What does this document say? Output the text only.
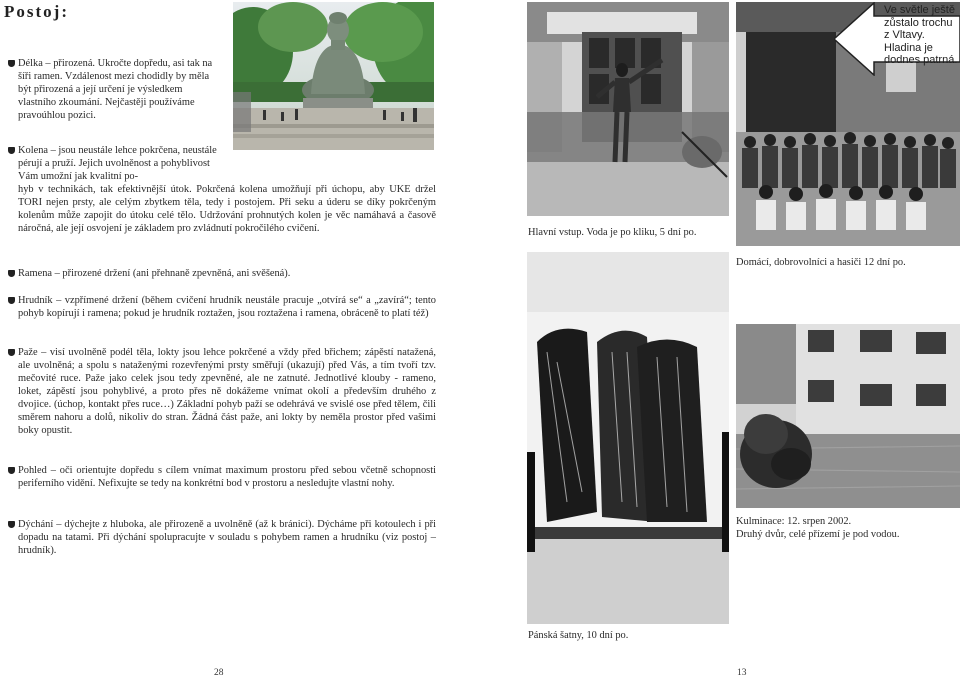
Postoj:
Délka – přirozená. Ukročte dopředu, asi tak na šíři ramen. Vzdálenost mezi chodidly by měla být přirozená a její určení je výsledkem vlastního zkoumání. Nejčastěji používáme pravoúhlou pozici.
Kolena – jsou neustále lehce pokrčena, neustále pérují a pruží. Jejich uvolněnost a pohyblivost Vám umožní jak kvalitní po-
hyb v technikách, tak efektivnější útok. Pokrčená kolena umožňují při úchopu, aby UKE držel TORI nejen prsty, ale celým zbytkem těla, tedy i postojem. Při seku a úderu se díky pokrčeným kolenům může zapojit do útoku celé tělo. Udržování prohnutých kolen je věc namáhavá a časově náročná, ale její osvojení je základem pro zvládnutí pokročilého cvičení.
Ramena – přirozené držení (ani přehnaně zpevněná, ani svěšená).
Hrudník – vzpřímené držení (během cvičení hrudník neustále pracuje „otvírá se“ a „zavírá“; tento pohyb kopírují i ramena; pokud je hrudník roztažen, jsou roztažena i ramena, obráceně to platí též)
Paže – visí uvolněně podél těla, lokty jsou lehce pokrčené a vždy před břichem; zápěstí natažená, ale uvolněná; a spolu s nataženými rozevřenými prsty směřují (ukazují) před Vás, a tím tvoří tzv. mečovité ruce. Paže jako celek jsou tedy zpevněné, ale ne zatnuté. Jednotlivé klouby - rameno, loket, zápěstí jsou pohyblivé, a proto přes ně dokážeme vnímat okolí a především druhého z dvojice. (úchop, kontakt přes ruce…) Základní pohyb paží se odehrává ve svislé ose před tělem, čili směrem nahoru a dolů, nikoliv do stran. Žádná část paže, ani lokty by neměla prostor před vašimi boky opustit.
Pohled – oči orientujte dopředu s cílem vnímat maximum prostoru před sebou včetně schopnosti periferního vidění. Nefixujte se tedy na konkrétní bod v prostoru a nesledujte vlastní nohy.
Dýchání – dýchejte z hluboka, ale přirozeně a uvolněně (až k bránici). Dýcháme při kotoulech i při dopadu na tatami. Při dýchání spolupracujte v souladu s pohybem ramen a hrudníku (viz postoj – hrudník).
28
Hlavní vstup. Voda je po kliku, 5 dní po.
Ve světle ještě zůstalo trochu z Vltavy. Hladina je dodnes patrná.
Domácí, dobrovolníci a hasiči 12 dní po.
Pánská šatny, 10 dní po.
Kulminace: 12. srpen 2002.
Druhý dvůr, celé přízemí je pod vodou.
13
